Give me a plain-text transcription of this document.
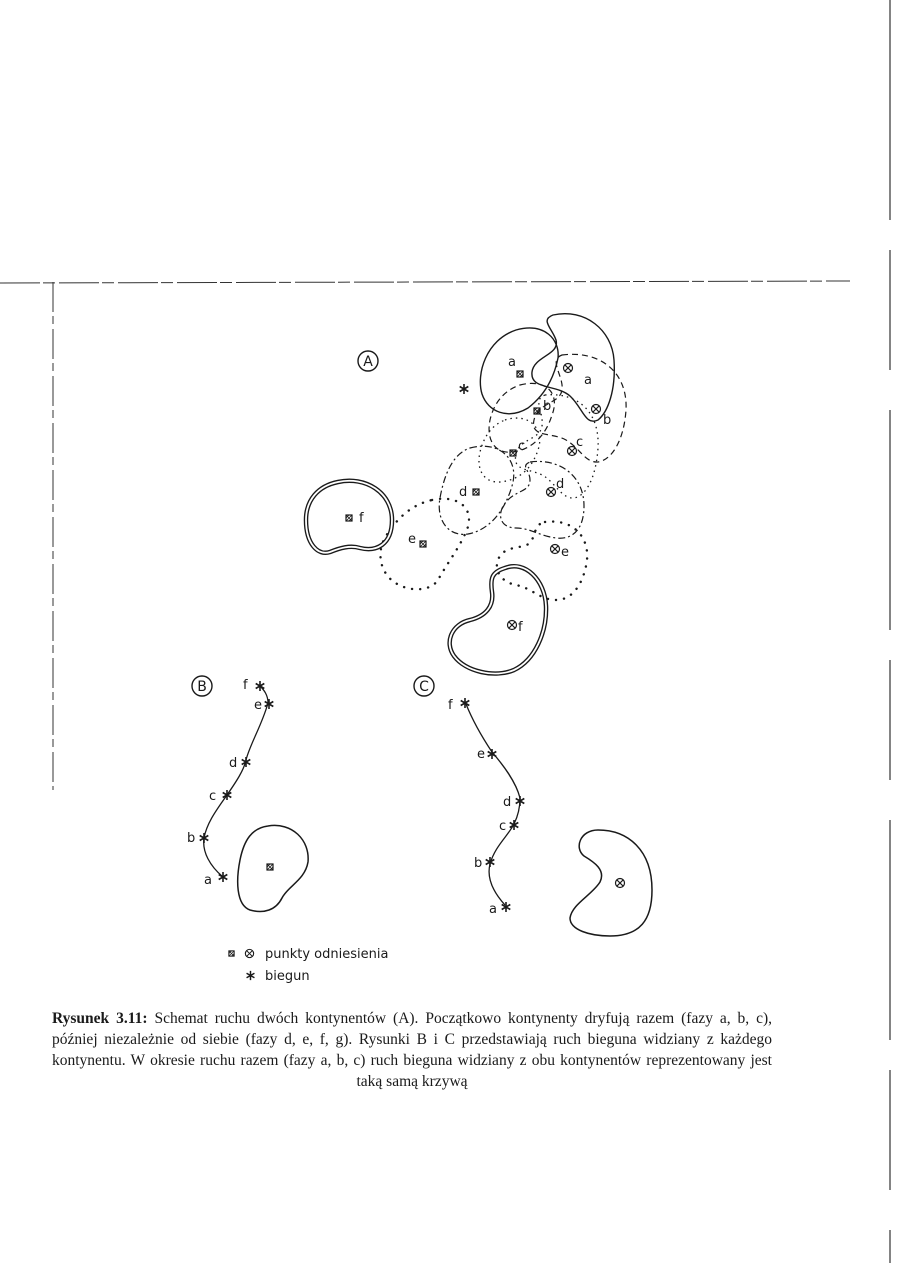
A	a
b
c
d
e
f
a
b
c
d
e
f
B
a
b
c
d
e
f	C
a
b
c
d
e
f
punkty odniesienia
biegun
Rysunek 3.11: Schemat ruchu dwóch kontynentów (A). Początkowo kontynenty dryfują razem (fazy a, b, c), później niezależnie od siebie (fazy d, e, f, g). Rysunki B i C przedstawiają ruch bieguna widziany z każdego kontynentu. W okresie ruchu razem (fazy a, b, c) ruch bieguna widziany z obu kontynentów reprezentowany jest taką samą krzywą
